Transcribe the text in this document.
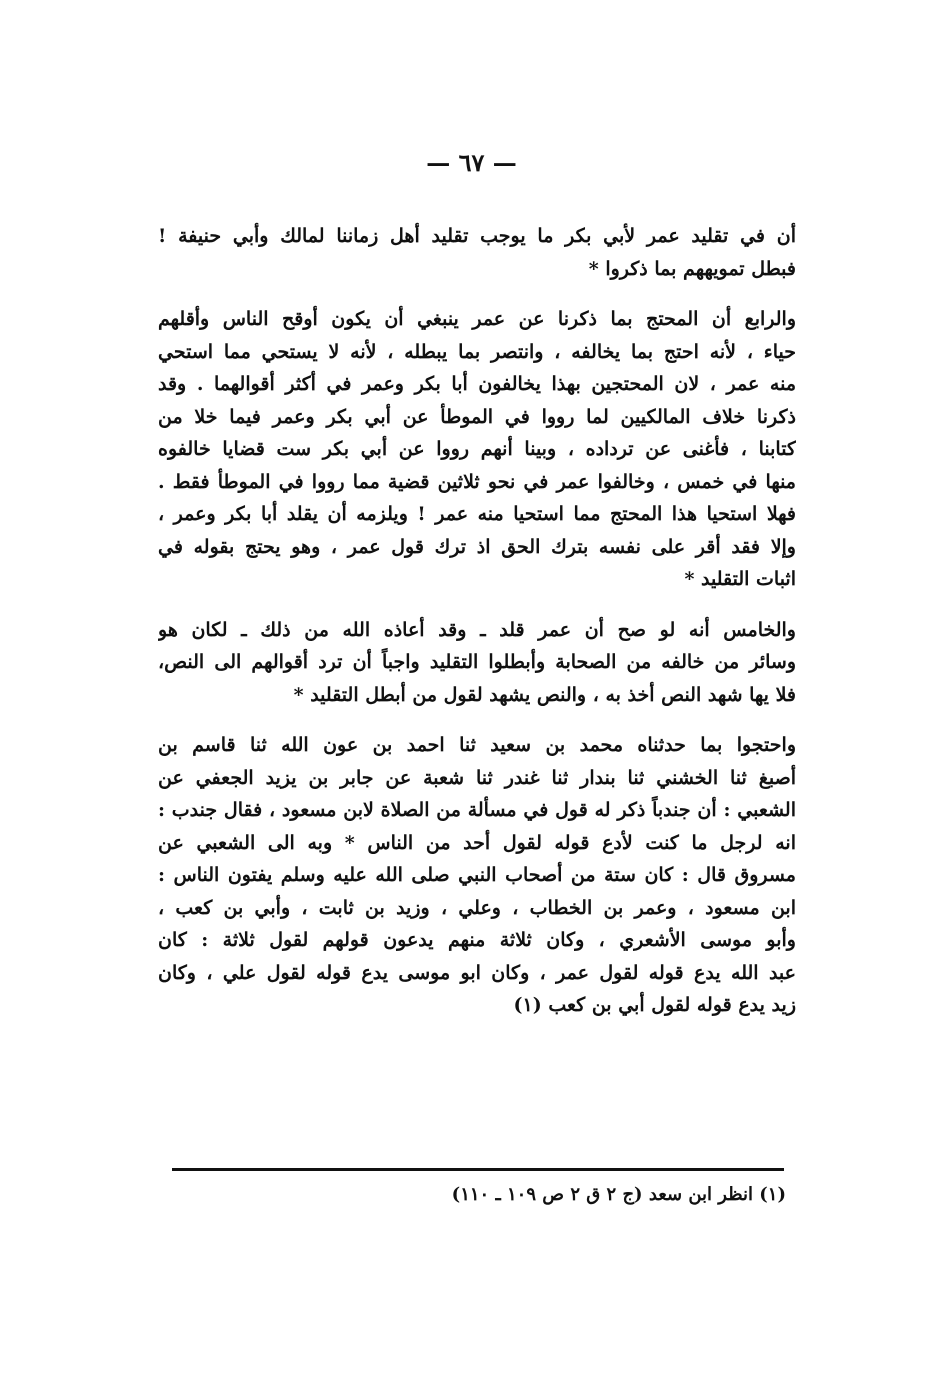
— ٦٧ —
أن في تقليد عمر لأبي بكر ما يوجب تقليد أهل زماننا لمالك وأبي حنيفة !
فبطل تمويههم بما ذكروا *
والرابع أن المحتج بما ذكرنا عن عمر ينبغي أن يكون أوقح الناس وأقلهم
حياء ، لأنه احتج بما يخالفه ، وانتصر بما يبطله ، لأنه لا يستحي مما استحي
منه عمر ، لان المحتجين بهذا يخالفون أبا بكر وعمر في أكثر أقوالهما . وقد
ذكرنا خلاف المالكيين لما رووا في الموطأ عن أبي بكر وعمر فيما خلا من
كتابنا ، فأغنى عن ترداده ، وبينا أنهم رووا عن أبي بكر ست قضايا خالفوه
منها في خمس ، وخالفوا عمر في نحو ثلاثين قضية مما رووا في الموطأ فقط .
فهلا استحيا هذا المحتج مما استحيا منه عمر ! ويلزمه أن يقلد أبا بكر وعمر ،
وإلا فقد أقر على نفسه بترك الحق اذ ترك قول عمر ، وهو يحتج بقوله في
اثبات التقليد *
والخامس أنه لو صح أن عمر قلد ـ وقد أعاذه الله من ذلك ـ لكان هو
وسائر من خالفه من الصحابة وأبطلوا التقليد واجباً أن ترد أقوالهم الى النص،
فلا يها شهد النص أخذ به ، والنص يشهد لقول من أبطل التقليد *
واحتجوا بما حدثناه محمد بن سعيد ثنا احمد بن عون الله ثنا قاسم بن
أصبغ ثنا الخشني ثنا بندار ثنا غندر ثنا شعبة عن جابر بن يزيد الجعفي عن
الشعبي : أن جندباً ذكر له قول في مسألة من الصلاة لابن مسعود ، فقال جندب :
انه لرجل ما كنت لأدع قوله لقول أحد من الناس * وبه الى الشعبي عن
مسروق قال : كان ستة من أصحاب النبي صلى الله عليه وسلم يفتون الناس :
ابن مسعود ، وعمر بن الخطاب ، وعلي ، وزيد بن ثابت ، وأبي بن كعب ،
وأبو موسى الأشعري ، وكان ثلاثة منهم يدعون قولهم لقول ثلاثة : كان
عبد الله يدع قوله لقول عمر ، وكان ابو موسى يدع قوله لقول علي ، وكان
زيد يدع قوله لقول أبي بن كعب (١)
(١) انظر ابن سعد (ج ٢ ق ٢ ص ١٠٩ ـ ١١٠)
